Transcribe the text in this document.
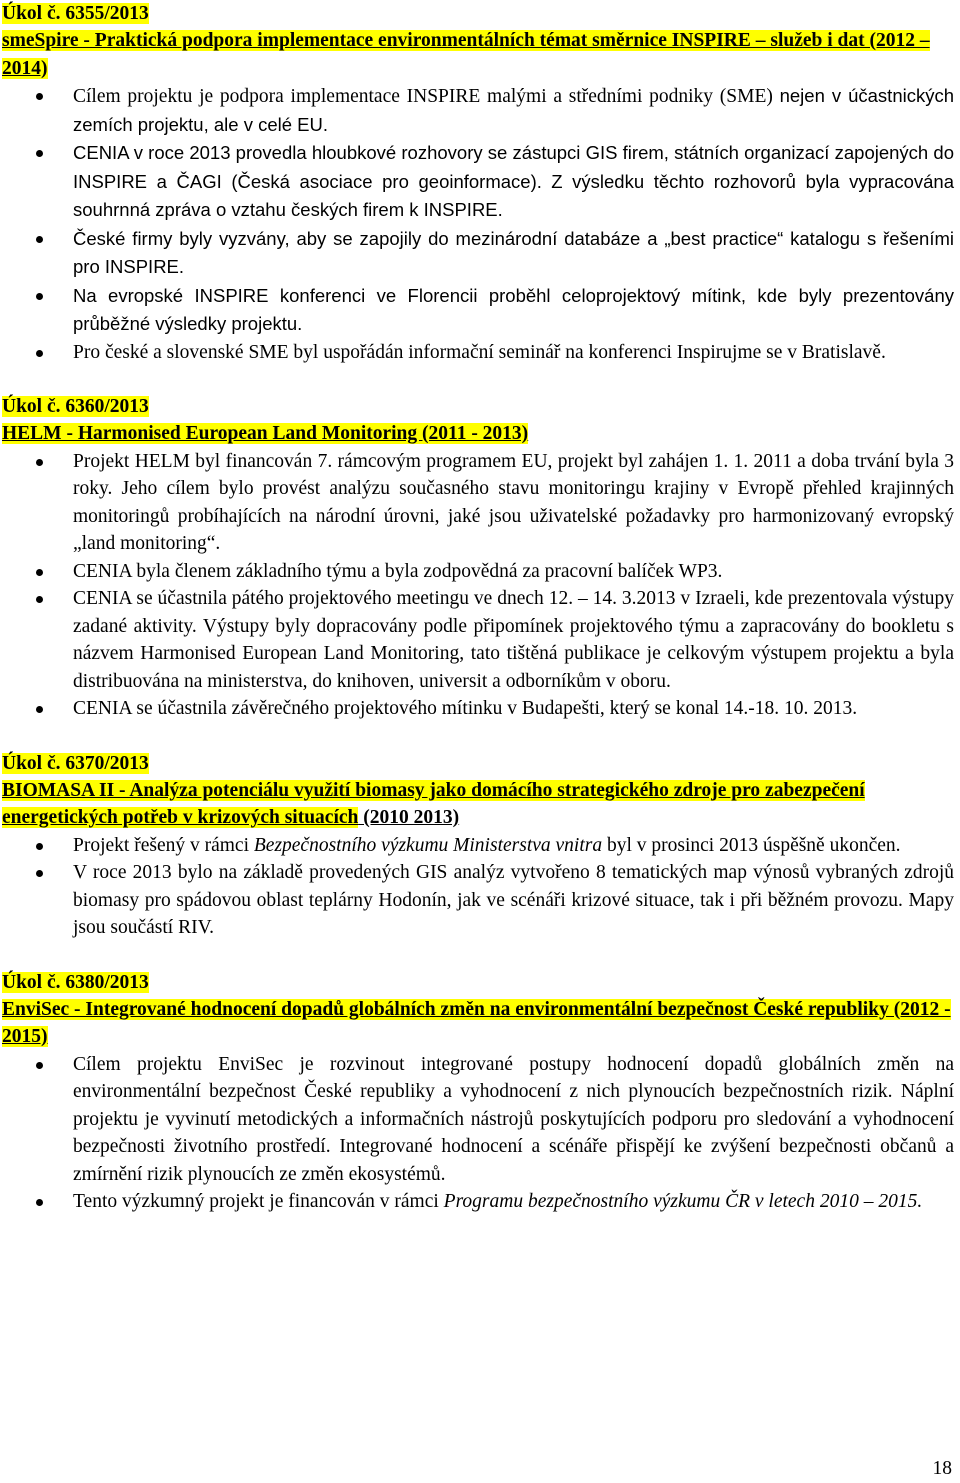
Úkol č. 6355/2013

smeSpire - Praktická podpora implementace environmentálních témat směrnice INSPIRE – služeb i dat (2012 – 2014)

Cílem projektu je podpora implementace INSPIRE malými a středními podniky (SME) nejen v účastnických zemích projektu, ale v celé EU.
CENIA v roce 2013 provedla hloubkové rozhovory se zástupci GIS firem, státních organizací zapojených do INSPIRE a ČAGI (Česká asociace pro geoinformace). Z výsledku těchto rozhovorů byla vypracována souhrnná zpráva o vztahu českých firem k INSPIRE.
České firmy byly vyzvány, aby se zapojily do mezinárodní databáze a „best practice“ katalogu s řešeními pro INSPIRE.
Na evropské INSPIRE konferenci ve Florencii proběhl celoprojektový mítink, kde byly prezentovány průběžné výsledky projektu.
Pro české a slovenské SME byl uspořádán informační seminář na konferenci Inspirujme se v Bratislavě.

Úkol č. 6360/2013

HELM - Harmonised European Land Monitoring (2011 - 2013)

Projekt HELM byl financován 7. rámcovým programem EU, projekt byl zahájen 1. 1. 2011 a doba trvání byla 3 roky. Jeho cílem bylo provést analýzu současného stavu monitoringu krajiny v Evropě přehled krajinných monitoringů probíhajících na národní úrovni, jaké jsou uživatelské požadavky pro harmonizovaný evropský „land monitoring“.
CENIA byla členem základního týmu a byla zodpovědná za pracovní balíček WP3.
CENIA se účastnila pátého projektového meetingu ve dnech 12. – 14. 3.2013 v Izraeli, kde prezentovala výstupy zadané aktivity. Výstupy byly dopracovány podle připomínek projektového týmu a zapracovány do bookletu s názvem Harmonised European Land Monitoring, tato tištěná publikace je celkovým výstupem projektu a byla distribuována na ministerstva, do knihoven, universit a odborníkům v oboru.
CENIA se účastnila závěrečného projektového mítinku v Budapešti, který se konal 14.-18. 10. 2013.

Úkol č. 6370/2013

BIOMASA II - Analýza potenciálu využití biomasy jako domácího strategického zdroje pro zabezpečení energetických potřeb v krizových situacích (2010 2013)

Projekt řešený v rámci Bezpečnostního výzkumu Ministerstva vnitra byl v prosinci 2013 úspěšně ukončen.
V roce 2013 bylo na základě provedených GIS analýz vytvořeno 8 tematických map výnosů vybraných zdrojů biomasy pro spádovou oblast teplárny Hodonín, jak ve scénáři krizové situace, tak i při běžném provozu. Mapy jsou součástí RIV.

Úkol č. 6380/2013

EnviSec - Integrované hodnocení dopadů globálních změn na environmentální bezpečnost České republiky (2012 - 2015)

Cílem projektu EnviSec je rozvinout integrované postupy hodnocení dopadů globálních změn na environmentální bezpečnost České republiky a vyhodnocení z nich plynoucích bezpečnostních rizik. Náplní projektu je vyvinutí metodických a informačních nástrojů poskytujících podporu pro sledování a vyhodnocení bezpečnosti životního prostředí. Integrované hodnocení a scénáře přispějí ke zvýšení bezpečnosti občanů a zmírnění rizik plynoucích ze změn ekosystémů.
Tento výzkumný projekt je financován v rámci Programu bezpečnostního výzkumu ČR v letech 2010 – 2015.
18
